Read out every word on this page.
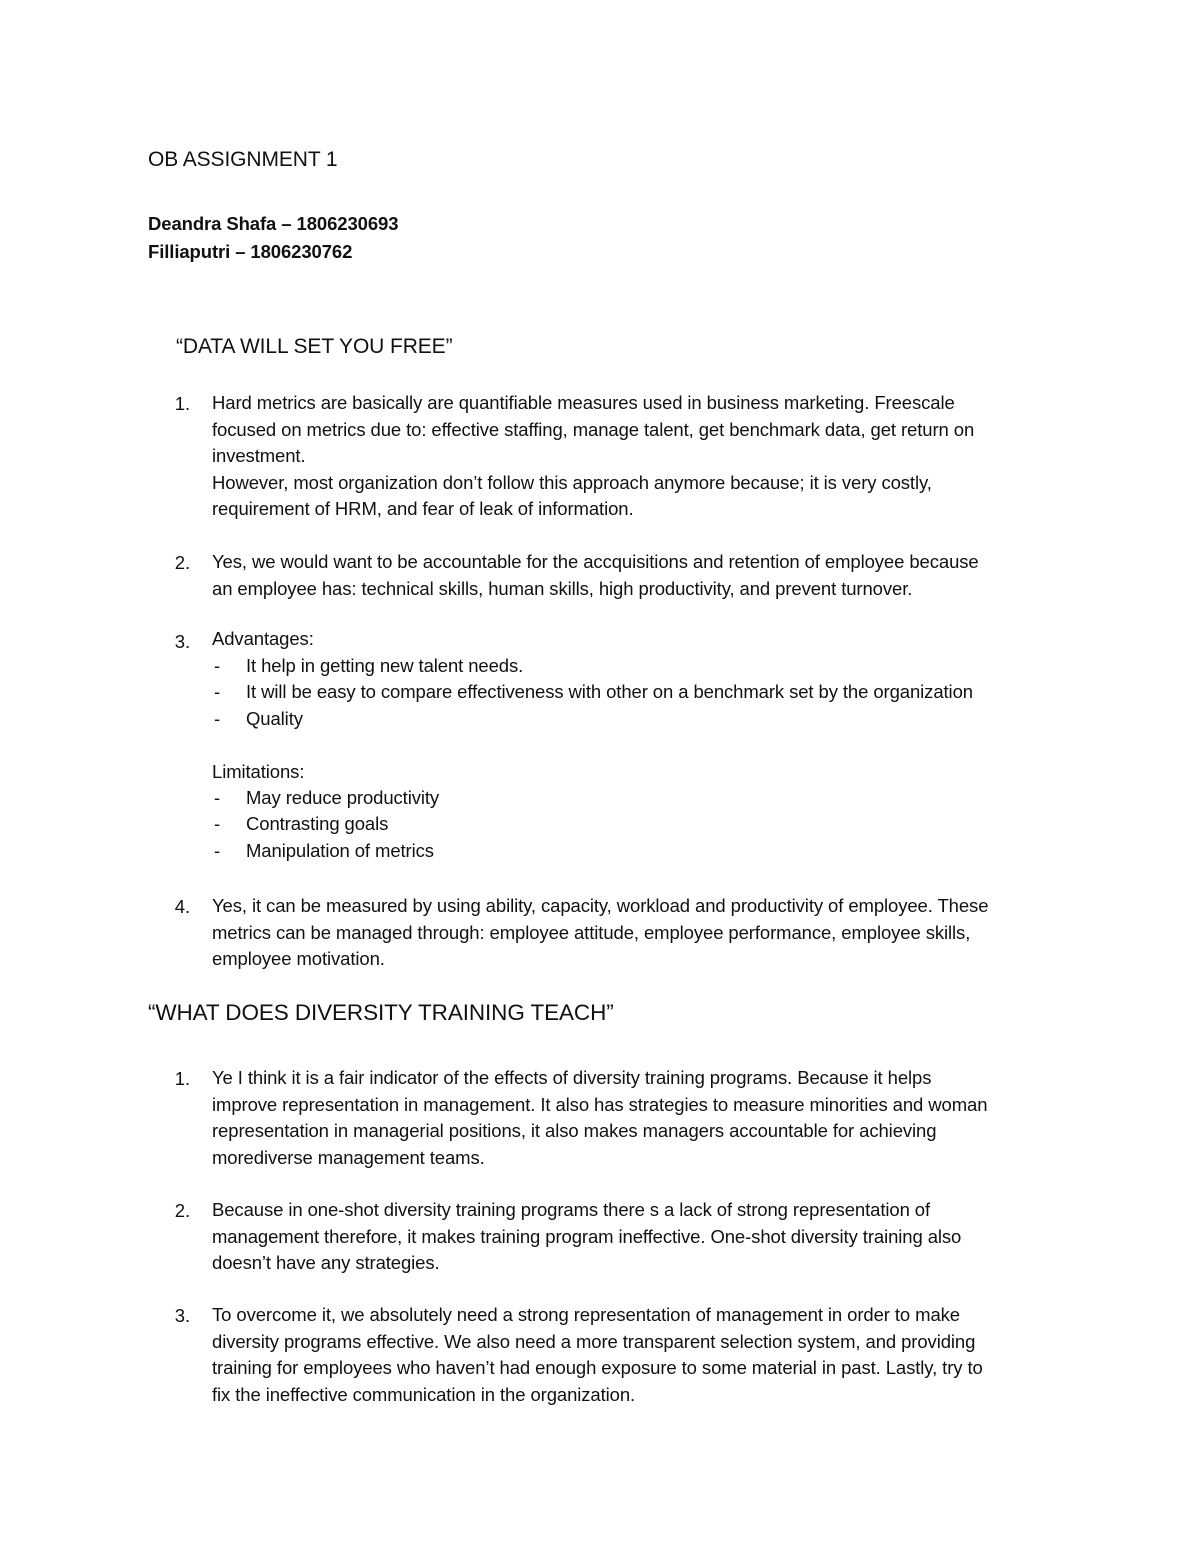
OB ASSIGNMENT 1
Deandra Shafa – 1806230693
Filliaputri – 1806230762
“DATA WILL SET YOU FREE”
1. Hard metrics are basically are quantifiable measures used in business marketing. Freescale
focused on metrics due to: effective staffing, manage talent, get benchmark data, get return on
investment.
However, most organization don’t follow this approach anymore because; it is very costly,
requirement of HRM, and fear of leak of information.
2. Yes, we would want to be accountable for the accquisitions and retention of employee because
an employee has: technical skills, human skills, high productivity, and prevent turnover.
3. Advantages:
-	It help in getting new talent needs.
-	It will be easy to compare effectiveness with other on a benchmark set by the organization
-	Quality
Limitations:
-	May reduce productivity
-	Contrasting goals
-	Manipulation of metrics
4. Yes, it can be measured by using ability, capacity, workload and productivity of employee. These
metrics can be managed through: employee attitude, employee performance, employee skills,
employee motivation.
“WHAT DOES DIVERSITY TRAINING TEACH”
1. Ye I think it is a fair indicator of the effects of diversity training programs. Because it helps
improve representation in management. It also has strategies to measure minorities and woman
representation in managerial positions, it also makes managers accountable for achieving
morediverse management teams.
2. Because in one-shot diversity training programs there s a lack of strong representation of
management therefore, it makes training program ineffective. One-shot diversity training also
doesn’t have any strategies.
3. To overcome it, we absolutely need a strong representation of management in order to make
diversity programs effective. We also need a more transparent selection system, and providing
training for employees who haven’t had enough exposure to some material in past. Lastly, try to
fix the ineffective communication in the organization.
